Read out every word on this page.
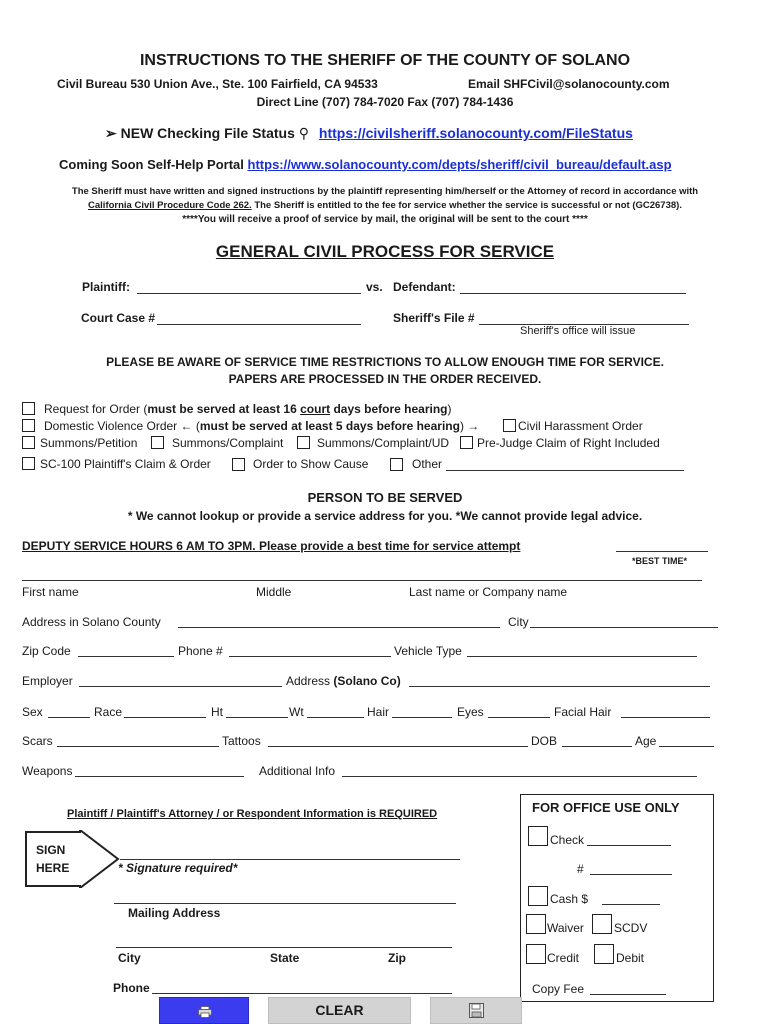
INSTRUCTIONS TO THE SHERIFF OF THE COUNTY OF SOLANO
Civil Bureau 530 Union Ave., Ste. 100 Fairfield, CA 94533	Email SHFCivil@solanocounty.com
Direct Line (707) 784-7020 Fax (707) 784-1436
➢ NEW Checking File Status ⚲ https://civilsheriff.solanocounty.com/FileStatus
Coming Soon Self-Help Portal https://www.solanocounty.com/depts/sheriff/civil_bureau/default.asp
The Sheriff must have written and signed instructions by the plaintiff representing him/herself or the Attorney of record in accordance with
California Civil Procedure Code 262. The Sheriff is entitled to the fee for service whether the service is successful or not (GC26738).
****You will receive a proof of service by mail, the original will be sent to the court ****
GENERAL CIVIL PROCESS FOR SERVICE
Plaintiff:	vs. Defendant:
Court Case #	Sheriff's File #
Sheriff's office will issue
PLEASE BE AWARE OF SERVICE TIME RESTRICTIONS TO ALLOW ENOUGH TIME FOR SERVICE.
PAPERS ARE PROCESSED IN THE ORDER RECEIVED.
Request for Order (must be served at least 16 court days before hearing)
Domestic Violence Order ← (must be served at least 5 days before hearing) →	Civil Harassment Order
Summons/Petition	Summons/Complaint	Summons/Complaint/UD Pre-Judge Claim of Right Included
SC-100 Plaintiff's Claim & Order	Order to Show Cause	Other
PERSON TO BE SERVED
* We cannot lookup or provide a service address for you. *We cannot provide legal advice.
DEPUTY SERVICE HOURS 6 AM TO 3PM. Please provide a best time for service attempt
*BEST TIME*
First name	Middle	Last name or Company name
Address in Solano County	City
Zip Code	Phone #	Vehicle Type
Employer	Address (Solano Co)
Sex	Race	Ht	Wt	Hair	Eyes	Facial Hair
Scars	Tattoos	DOB	Age
Weapons	Additional Info
Plaintiff / Plaintiff's Attorney / or Respondent Information is REQUIRED
SIGN
HERE	* Signature required*
Mailing Address
City	State	Zip
Phone
FOR OFFICE USE ONLY
Check
#
Cash $
Waiver	SCDV
Credit	Debit
Copy Fee
CLEAR
